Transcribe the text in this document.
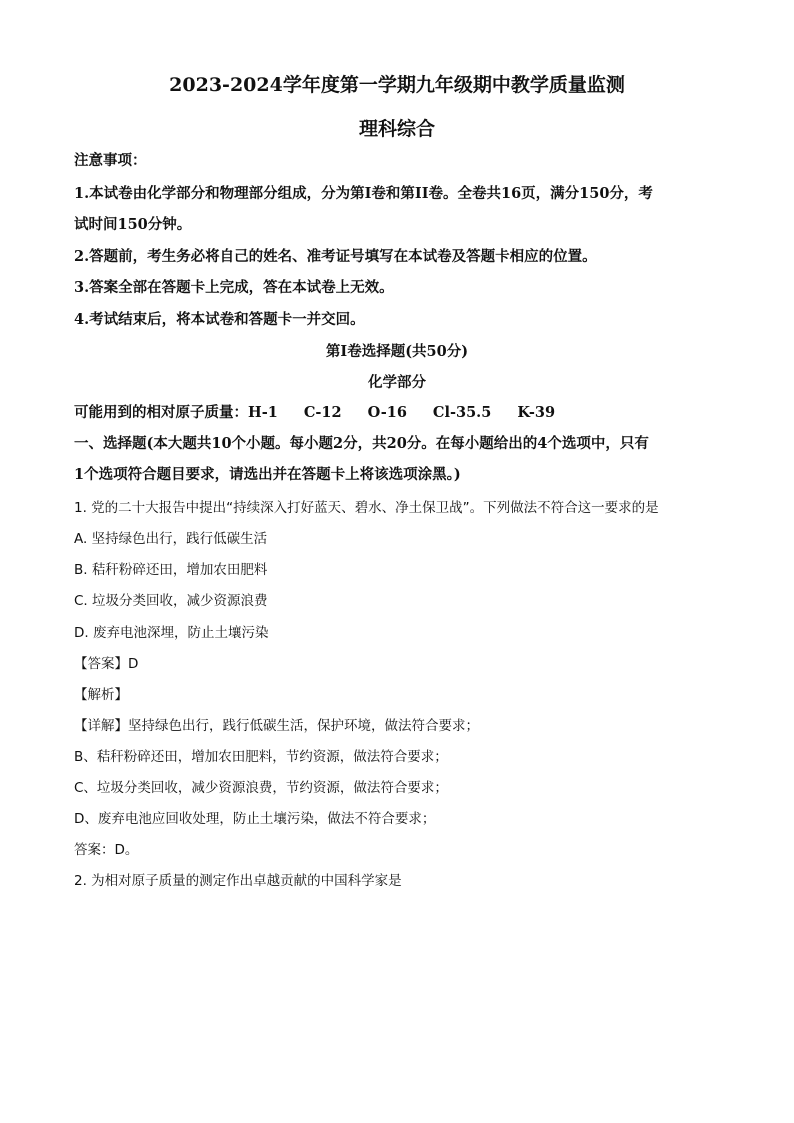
2023-2024学年度第一学期九年级期中教学质量监测
理科综合
注意事项：
1.本试卷由化学部分和物理部分组成，分为第I卷和第II卷。全卷共16页，满分150分，考
试时间150分钟。
2.答题前，考生务必将自己的姓名、准考证号填写在本试卷及答题卡相应的位置。
3.答案全部在答题卡上完成，答在本试卷上无效。
4.考试结束后，将本试卷和答题卡一并交回。
第I卷选择题(共50分)
化学部分
可能用到的相对原子质量：H-1 C-12 O-16 Cl-35.5 K-39
一、选择题(本大题共10个小题。每小题2分，共20分。在每小题给出的4个选项中，只有
1个选项符合题目要求，请选出并在答题卡上将该选项涂黑。)
1. 党的二十大报告中提出“持续深入打好蓝天、碧水、净土保卫战”。下列做法不符合这一要求的是
A. 坚持绿色出行，践行低碳生活
B. 秸秆粉碎还田，增加农田肥料
C. 垃圾分类回收，减少资源浪费
D. 废弃电池深埋，防止土壤污染
【答案】D
【解析】
【详解】坚持绿色出行，践行低碳生活，保护环境，做法符合要求；
B、秸秆粉碎还田，增加农田肥料，节约资源，做法符合要求；
C、垃圾分类回收，减少资源浪费，节约资源，做法符合要求；
D、废弃电池应回收处理，防止土壤污染，做法不符合要求；
答案：D。
2. 为相对原子质量的测定作出卓越贡献的中国科学家是
